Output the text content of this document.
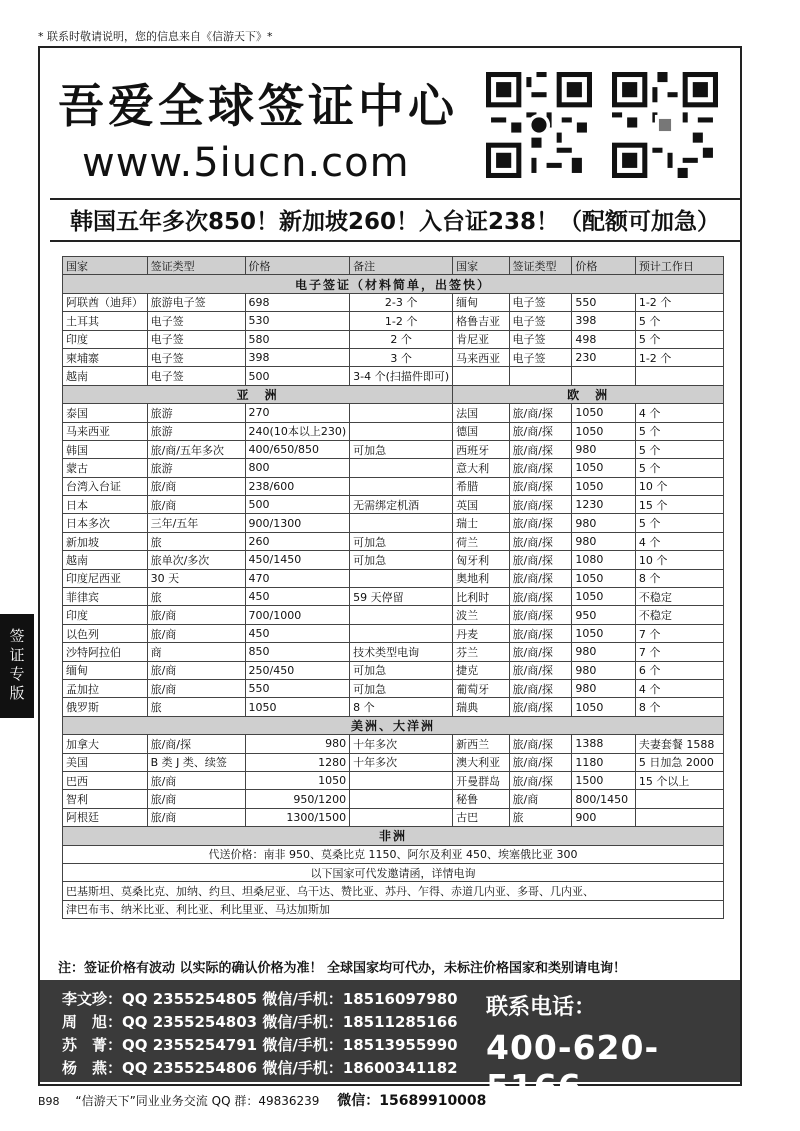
* 联系时敬请说明，您的信息来自《信游天下》*
吾爱全球签证中心
www.5iucn.com
韩国五年多次850！新加坡260！入台证238！（配额可加急）
签证专版
国家	签证类型	价格	备注	国家	签证类型	价格	预计工作日
电子签证（材料简单，出签快）							
阿联酋（迪拜）	旅游电子签	698	2-3 个	缅甸	电子签	550	1-2 个
土耳其	电子签	530	1-2 个	格鲁吉亚	电子签	398	5 个
印度	电子签	580	2 个	肯尼亚	电子签	498	5 个
柬埔寨	电子签	398	3 个	马来西亚	电子签	230	1-2 个
越南	电子签	500	3-4 个(扫描件即可)				
亚　洲				欧　洲			
泰国	旅游	270		法国	旅/商/探	1050	4 个
马来西亚	旅游	240(10本以上230)		德国	旅/商/探	1050	5 个
韩国	旅/商/五年多次	400/650/850	可加急	西班牙	旅/商/探	980	5 个
蒙古	旅游	800		意大利	旅/商/探	1050	5 个
台湾入台证	旅/商	238/600		希腊	旅/商/探	1050	10 个
日本	旅/商	500	无需绑定机酒	英国	旅/商/探	1230	15 个
日本多次	三年/五年	900/1300		瑞士	旅/商/探	980	5 个
新加坡	旅	260	可加急	荷兰	旅/商/探	980	4 个
越南	旅单次/多次	450/1450	可加急	匈牙利	旅/商/探	1080	10 个
印度尼西亚	30 天	470		奥地利	旅/商/探	1050	8 个
菲律宾	旅	450	59 天停留	比利时	旅/商/探	1050	不稳定
印度	旅/商	700/1000		波兰	旅/商/探	950	不稳定
以色列	旅/商	450		丹麦	旅/商/探	1050	7 个
沙特阿拉伯	商	850	技术类型电询	芬兰	旅/商/探	980	7 个
缅甸	旅/商	250/450	可加急	捷克	旅/商/探	980	6 个
孟加拉	旅/商	550	可加急	葡萄牙	旅/商/探	980	4 个
俄罗斯	旅	1050	8 个	瑞典	旅/商/探	1050	8 个
美洲、大洋洲							
加拿大	旅/商/探	980	十年多次	新西兰	旅/商/探	1388	夫妻套餐 1588
美国	B 类 J 类、续签	1280	十年多次	澳大利亚	旅/商/探	1180	5 日加急 2000
巴西	旅/商	1050		开曼群岛	旅/商/探	1500	15 个以上
智利	旅/商	950/1200		秘鲁	旅/商	800/1450	
阿根廷	旅/商	1300/1500		古巴	旅	900	
非洲							
代送价格：南非 950、莫桑比克 1150、阿尔及利亚 450、埃塞俄比亚 300							
以下国家可代发邀请函，详情电询							
巴基斯坦、莫桑比克、加纳、约旦、坦桑尼亚、乌干达、赞比亚、苏丹、乍得、赤道几内亚、多哥、几内亚、							
津巴布韦、纳米比亚、利比亚、利比里亚、马达加斯加							
注：签证价格有波动 以实际的确认价格为准！ 全球国家均可代办，未标注价格国家和类别请电询！
李文珍：QQ 2355254805 微信/手机：18516097980
周　旭：QQ 2355254803 微信/手机：18511285166
苏　菁：QQ 2355254791 微信/手机：18513955990
杨　燕：QQ 2355254806 微信/手机：18600341182
联系电话：
400-620-5166
B98 “信游天下”同业业务交流 QQ 群：49836239 微信：15689910008
